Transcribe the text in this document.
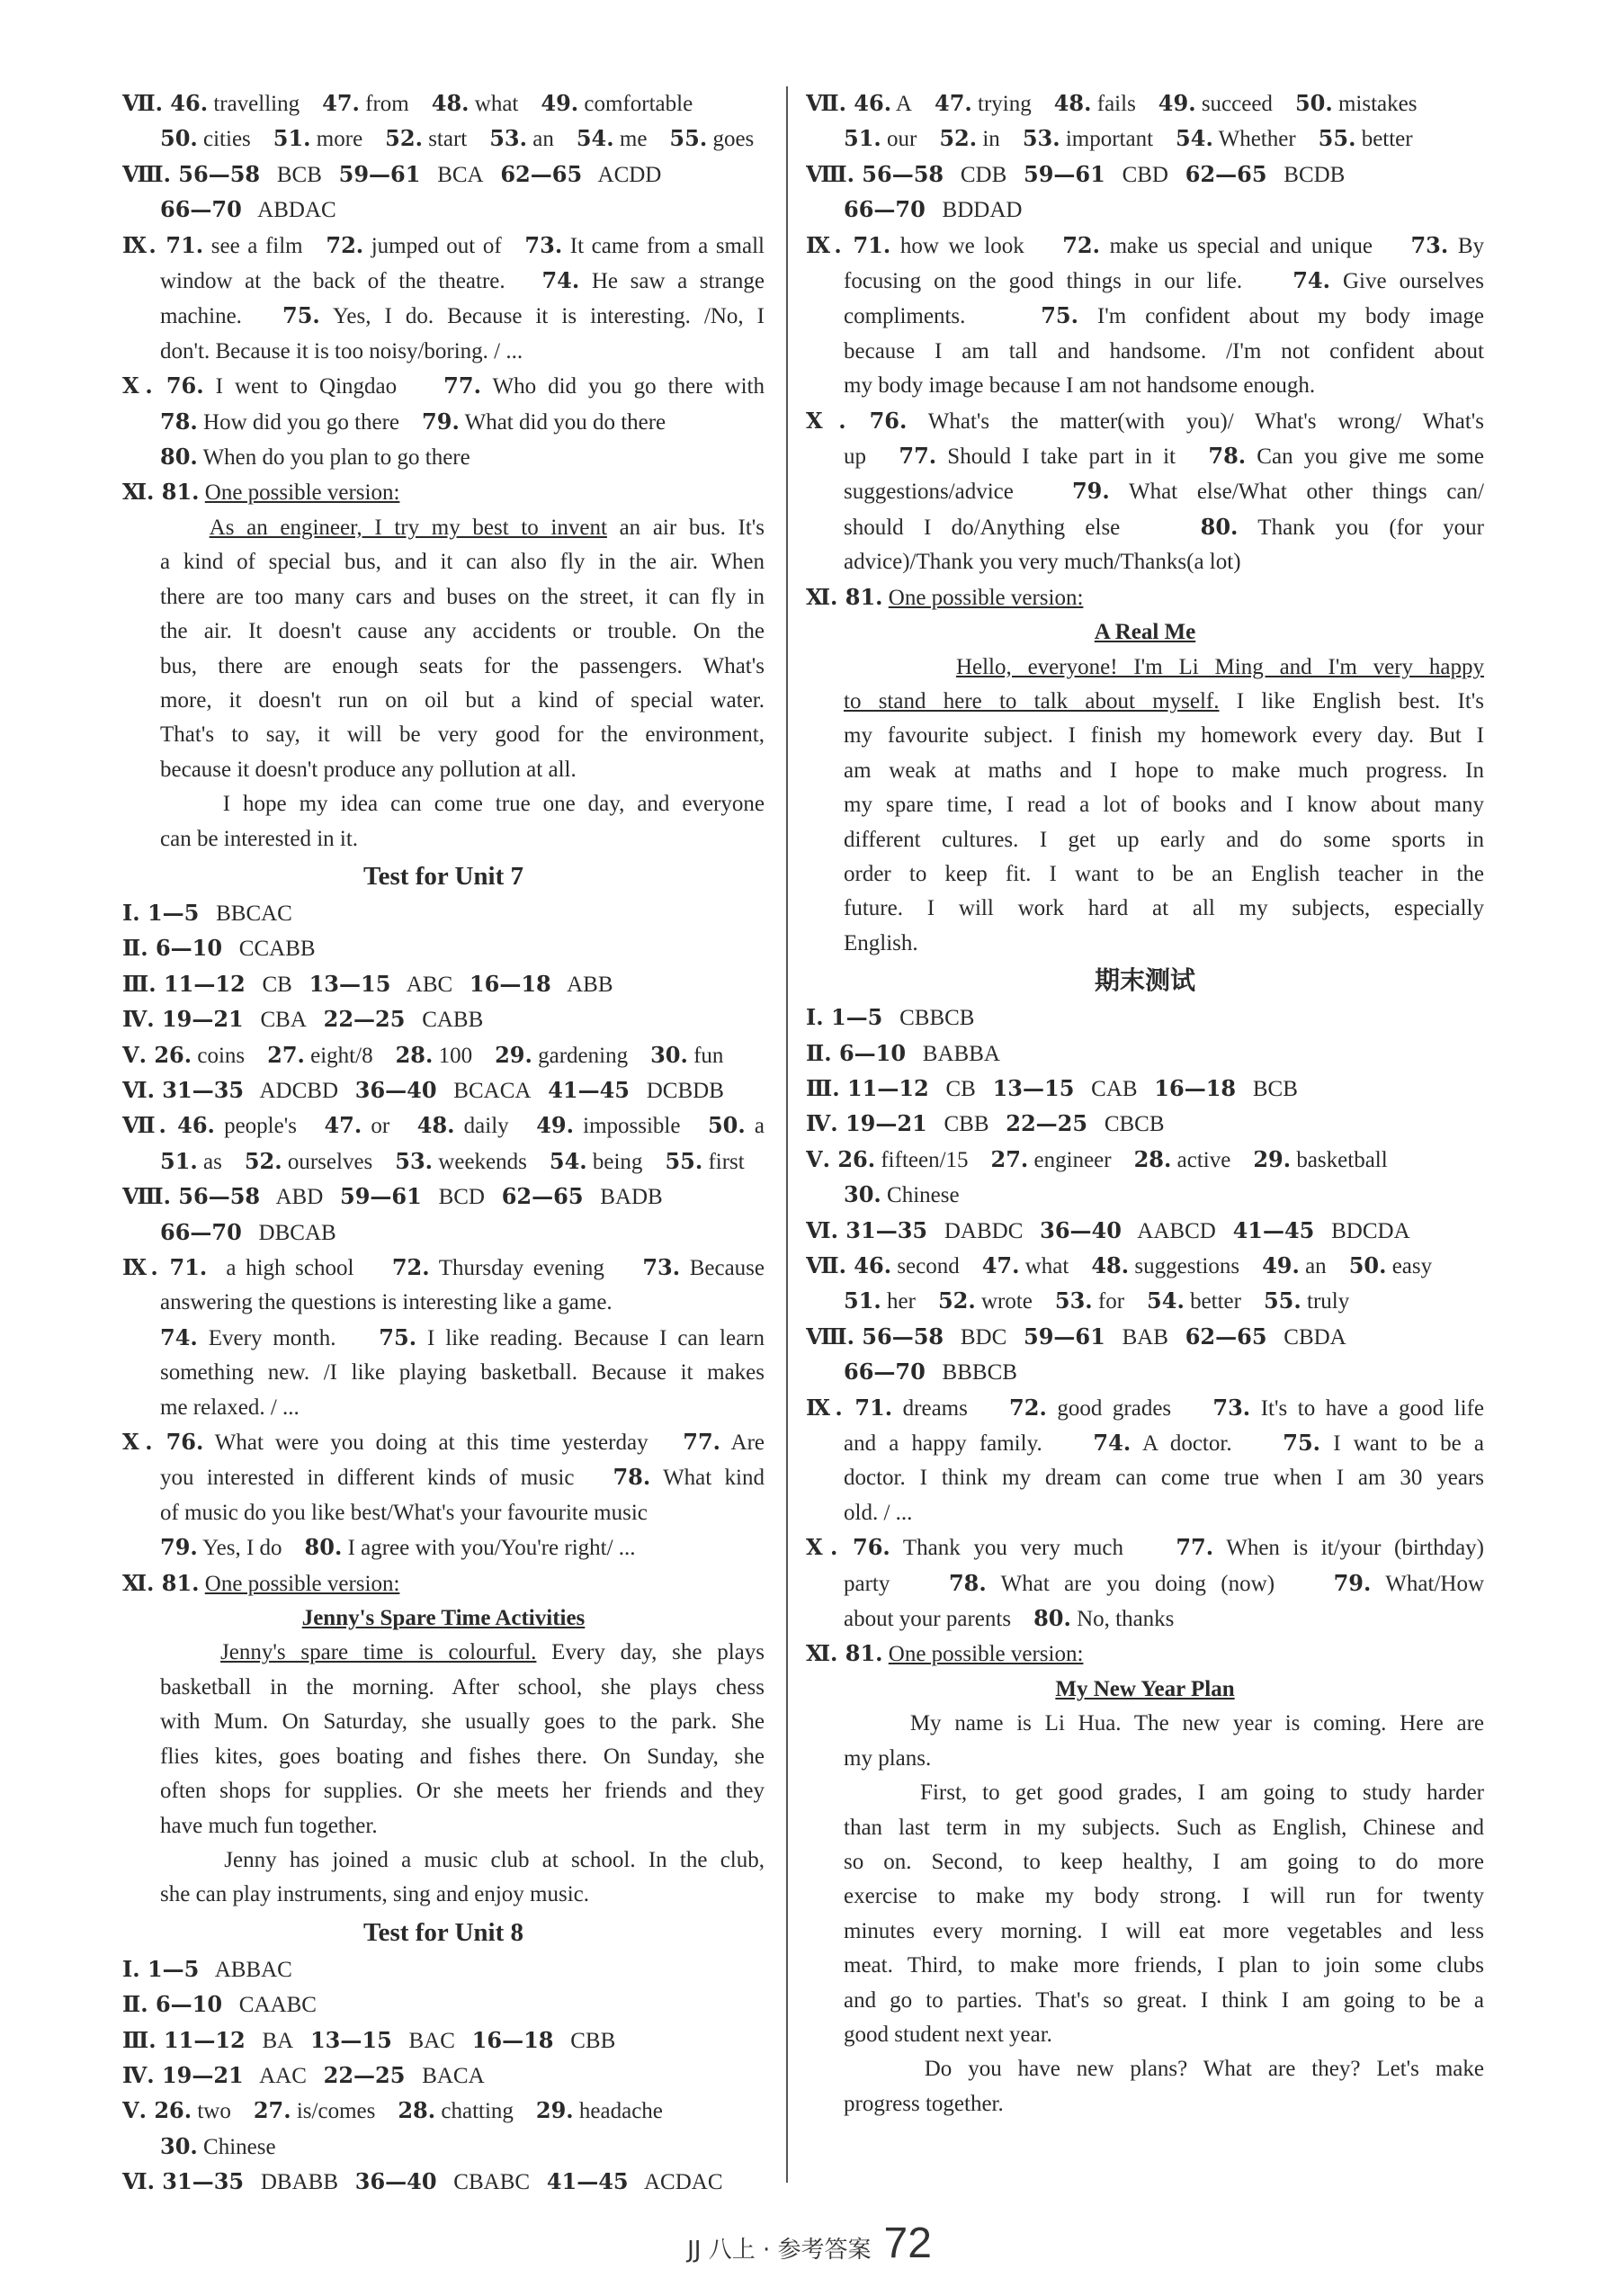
Ⅶ. 46. travelling    47. from    48. what    49. comfortable
50. cities    51. more    52. start    53. an    54. me    55. goes
Ⅷ. 56—58   BCB   59—61   BCA   62—65   ACDD
66—70   ABDAC
Ⅸ. 71. see a film   72. jumped out of   73. It came from a small
window at the back of the theatre.   74. He saw a strange
machine.   75. Yes, I do. Because it is interesting. /No, I
don't. Because it is too noisy/boring. / ...
Ⅹ. 76. I went to Qingdao    77. Who did you go there with
78. How did you go there    79. What did you do there
80. When do you plan to go there
Ⅺ. 81. One possible version:
As an engineer, I try my best to invent an air bus. It's
a kind of special bus, and it can also fly in the air. When
there are too many cars and buses on the street, it can fly in
the air. It doesn't cause any accidents or trouble. On the
bus, there are enough seats for the passengers. What's
more, it doesn't run on oil but a kind of special water.
That's to say, it will be very good for the environment,
because it doesn't produce any pollution at all.
I hope my idea can come true one day, and everyone
can be interested in it.
Test for Unit 7
Ⅰ. 1—5   BBCAC
Ⅱ. 6—10   CCABB
Ⅲ. 11—12   CB   13—15   ABC   16—18   ABB
Ⅳ. 19—21   CBA   22—25   CABB
Ⅴ. 26. coins    27. eight/8    28. 100    29. gardening    30. fun
Ⅵ. 31—35   ADCBD   36—40   BCACA   41—45   DCBDB
Ⅶ. 46. people's   47. or   48. daily   49. impossible   50. a
51. as    52. ourselves    53. weekends    54. being    55. first
Ⅷ. 56—58   ABD   59—61   BCD   62—65   BADB
66—70   DBCAB
Ⅸ. 71.  a high school    72. Thursday evening    73. Because
answering the questions is interesting like a game.
74. Every month.    75. I like reading. Because I can learn
something new. /I like playing basketball. Because it makes
me relaxed. / ...
Ⅹ. 76. What were you doing at this time yesterday   77. Are
you interested in different kinds of music   78. What kind
of music do you like best/What's your favourite music
79. Yes, I do    80. I agree with you/You're right/ ...
Ⅺ. 81. One possible version:
Jenny's Spare Time Activities
Jenny's spare time is colourful. Every day, she plays
basketball in the morning. After school, she plays chess
with Mum. On Saturday, she usually goes to the park. She
flies kites, goes boating and fishes there. On Sunday, she
often shops for supplies. Or she meets her friends and they
have much fun together.
Jenny has joined a music club at school. In the club,
she can play instruments, sing and enjoy music.
Test for Unit 8
Ⅰ. 1—5   ABBAC
Ⅱ. 6—10   CAABC
Ⅲ. 11—12   BA   13—15   BAC   16—18   CBB
Ⅳ. 19—21   AAC   22—25   BACA
Ⅴ. 26. two    27. is/comes    28. chatting    29. headache
30. Chinese
Ⅵ. 31—35   DBABB   36—40   CBABC   41—45   ACDAC
Ⅶ. 46. A    47. trying    48. fails    49. succeed    50. mistakes
51. our    52. in    53. important    54. Whether    55. better
Ⅷ. 56—58   CDB   59—61   CBD   62—65   BCDB
66—70   BDDAD
Ⅸ. 71. how we look    72. make us special and unique    73. By
focusing on the good things in our life.    74. Give ourselves
compliments.    75. I'm confident about my body image
because I am tall and handsome. /I'm not confident about
my body image because I am not handsome enough.
Ⅹ. 76. What's the matter(with you)/ What's wrong/ What's
up   77. Should I take part in it   78. Can you give me some
suggestions/advice   79. What else/What other things can/
should I do/Anything else    80. Thank you (for your
advice)/Thank you very much/Thanks(a lot)
Ⅺ. 81. One possible version:
A Real Me
Hello, everyone! I'm Li Ming and I'm very happy
to stand here to talk about myself. I like English best. It's
my favourite subject. I finish my homework every day. But I
am weak at maths and I hope to make much progress. In
my spare time, I read a lot of books and I know about many
different cultures. I get up early and do some sports in
order to keep fit. I want to be an English teacher in the
future. I will work hard at all my subjects, especially
English.
期末测试
Ⅰ. 1—5   CBBCB
Ⅱ. 6—10   BABBA
Ⅲ. 11—12   CB   13—15   CAB   16—18   BCB
Ⅳ. 19—21   CBB   22—25   CBCB
Ⅴ. 26. fifteen/15    27. engineer    28. active    29. basketball
30. Chinese
Ⅵ. 31—35   DABDC   36—40   AABCD   41—45   BDCDA
Ⅶ. 46. second    47. what    48. suggestions    49. an    50. easy
51. her    52. wrote    53. for    54. better    55. truly
Ⅷ. 56—58   BDC   59—61   BAB   62—65   CBDA
66—70   BBBCB
Ⅸ. 71. dreams    72. good grades    73. It's to have a good life
and a happy family.    74. A doctor.    75. I want to be a
doctor. I think my dream can come true when I am 30 years
old. / ...
Ⅹ. 76. Thank you very much    77. When is it/your (birthday)
party    78. What are you doing (now)    79. What/How
about your parents    80. No, thanks
Ⅺ. 81. One possible version:
My New Year Plan
My name is Li Hua. The new year is coming. Here are
my plans.
First, to get good grades, I am going to study harder
than last term in my subjects. Such as English, Chinese and
so on. Second, to keep healthy, I am going to do more
exercise to make my body strong. I will run for twenty
minutes every morning. I will eat more vegetables and less
meat. Third, to make more friends, I plan to join some clubs
and go to parties. That's so great. I think I am going to be a
good student next year.
Do you have new plans? What are they? Let's make
progress together.
JJ 八上 · 参考答案 72
